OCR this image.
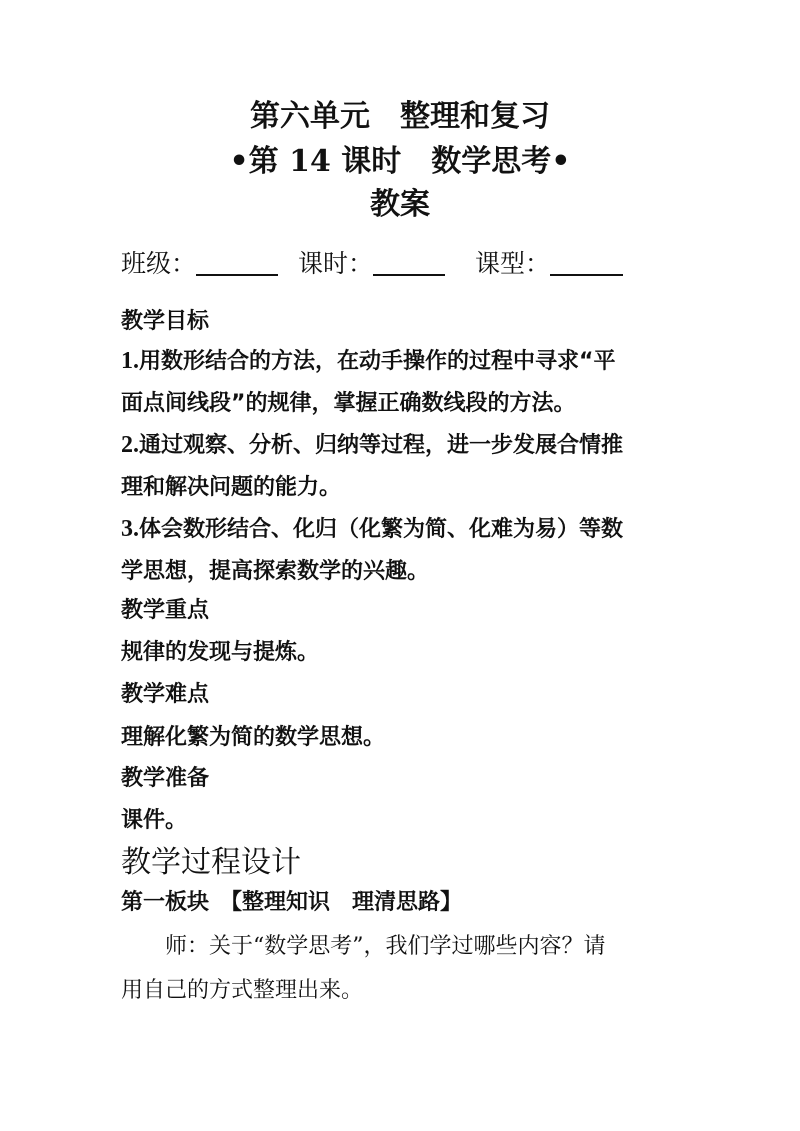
第六单元　整理和复习
•第 14 课时　数学思考•
教案
班级：	课时：	课型：
教学目标
1.用数形结合的方法，在动手操作的过程中寻求“平
面点间线段”的规律，掌握正确数线段的方法。
2.通过观察、分析、归纳等过程，进一步发展合情推
理和解决问题的能力。
3.体会数形结合、化归（化繁为简、化难为易）等数
学思想，提高探索数学的兴趣。
教学重点
规律的发现与提炼。
教学难点
理解化繁为简的数学思想。
教学准备
课件。
教学过程设计
第一板块　【整理知识　理清思路】
　　师：关于“数学思考”，我们学过哪些内容？请
用自己的方式整理出来。
